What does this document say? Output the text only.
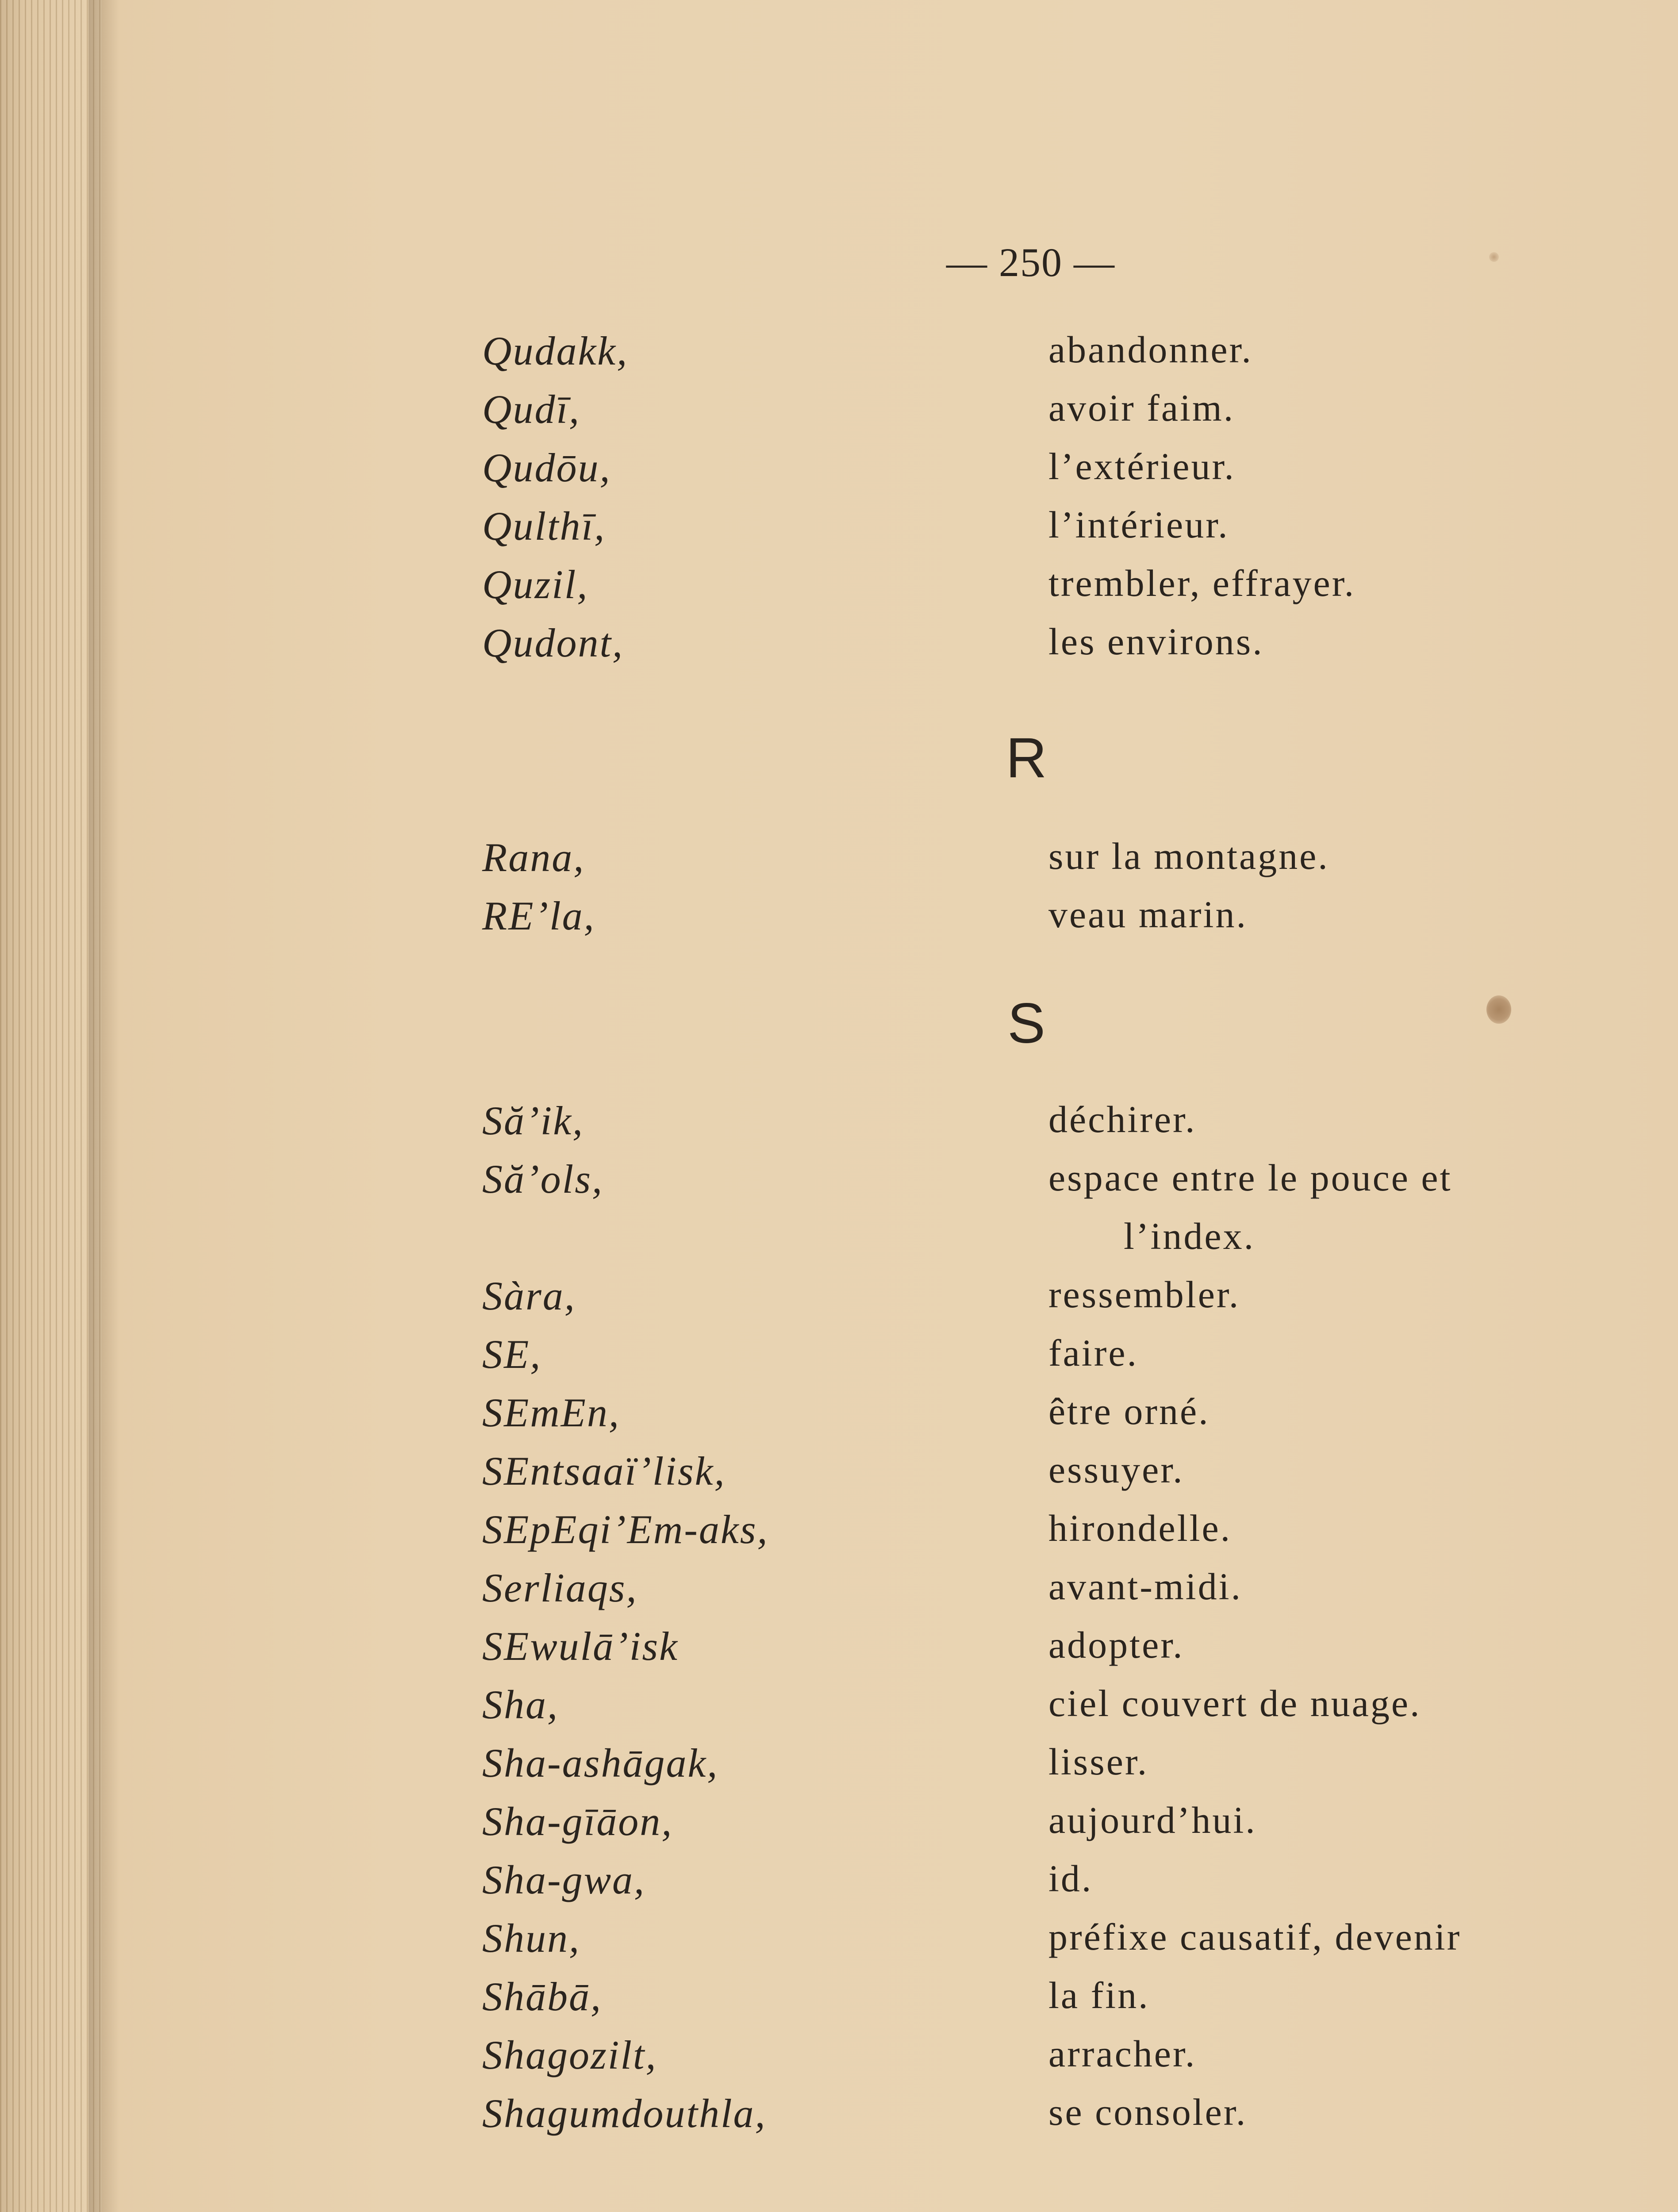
— 250 —
Qudakk,	abandonner.
Qudī,	avoir faim.
Qudōu,	l’extérieur.
Qulthī,	l’intérieur.
Quzil,	trembler, effrayer.
Qudont,	les environs.
R
Rana,	sur la montagne.
RE’la,	veau marin.
S
Să’ik,	déchirer.
Să’ols,	espace entre le pouce et
l’index.
Sàra,	ressembler.
SE,	faire.
SEmEn,	être orné.
SEntsaaï’lisk,	essuyer.
SEpEqi’Em-aks,	hirondelle.
Serliaqs,	avant-midi.
SEwulā’isk	adopter.
Sha,	ciel couvert de nuage.
Sha-ashāgak,	lisser.
Sha-gīāon,	aujourd’hui.
Sha-gwa,	id.
Shun,	préfixe causatif, devenir
Shābā,	la fin.
Shagozilt,	arracher.
Shagumdouthla,	se consoler.
